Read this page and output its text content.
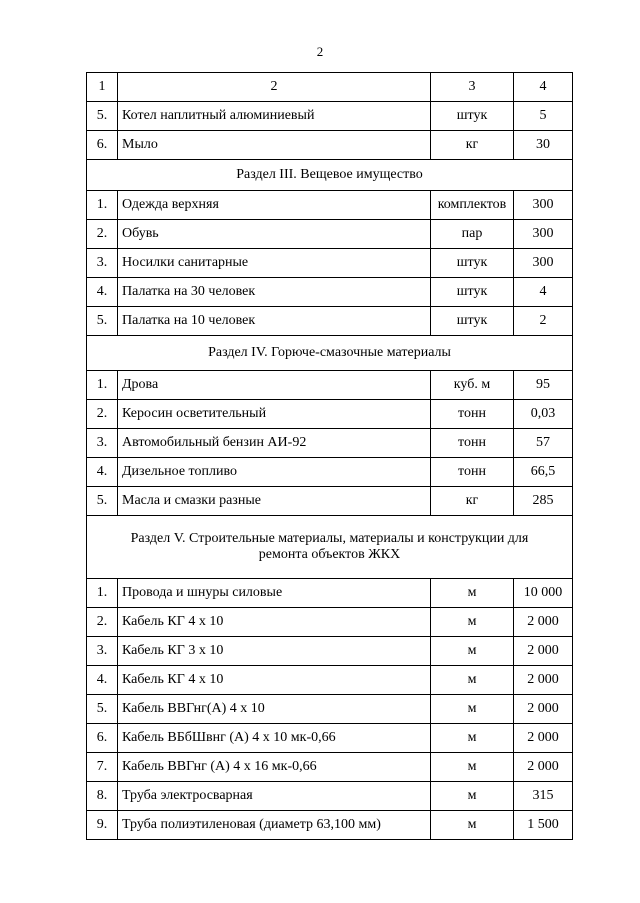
2
1	2	3	4
5.	Котел наплитный алюминиевый	штук	5
6.	Мыло	кг	30
Раздел III. Вещевое имущество			
1.	Одежда верхняя	комплектов	300
2.	Обувь	пар	300
3.	Носилки санитарные	штук	300
4.	Палатка на 30 человек	штук	4
5.	Палатка на 10 человек	штук	2
Раздел IV. Горюче-смазочные материалы			
1.	Дрова	куб. м	95
2.	Керосин осветительный	тонн	0,03
3.	Автомобильный бензин АИ-92	тонн	57
4.	Дизельное топливо	тонн	66,5
5.	Масла и смазки разные	кг	285
Раздел V. Строительные материалы, материалы и конструкции для ремонта объектов ЖКХ			
1.	Провода и шнуры силовые	м	10 000
2.	Кабель КГ 4 х 10	м	2 000
3.	Кабель КГ 3 х 10	м	2 000
4.	Кабель КГ 4 х 10	м	2 000
5.	Кабель ВВГнг(А) 4 х 10	м	2 000
6.	Кабель ВБбШвнг (А) 4 х 10 мк-0,66	м	2 000
7.	Кабель ВВГнг (А) 4 х 16 мк-0,66	м	2 000
8.	Труба электросварная	м	315
9.	Труба полиэтиленовая (диаметр 63,100 мм)	м	1 500
